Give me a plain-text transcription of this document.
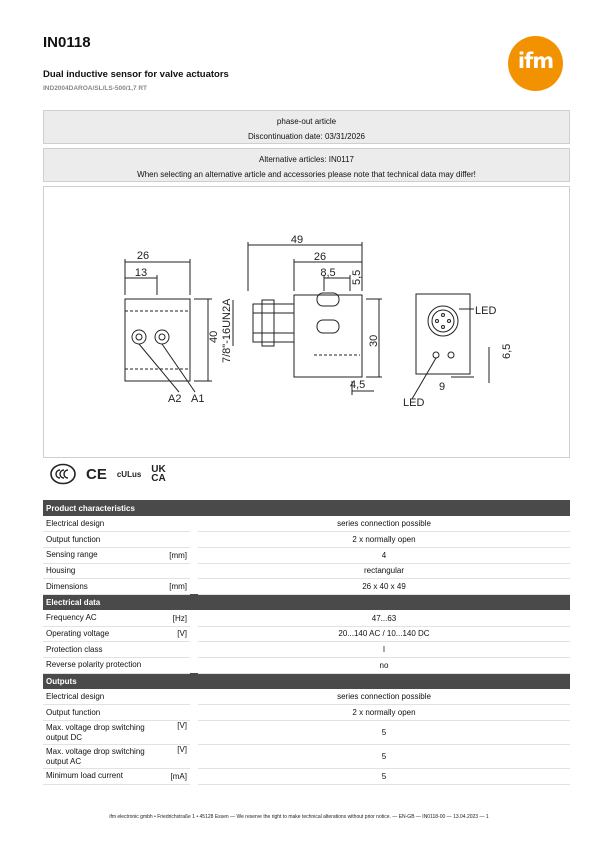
IN0118
Dual inductive sensor for valve actuators
IND2004DAROA/SL/LS-500/1,7 RT
ifm
phase-out article
Discontinuation date: 03/31/2026
Alternative articles: IN0117
When selecting an alternative article and accessories please note that technical data may differ!
26
13
40
A2 A1
49
26
8,5 5,5
30
4,5
7/8"-16UN2A	LED
LED
6,5
9
CE cULus UK
CA
Product characteristics			
Electrical design			series connection possible
Output function			2 x normally open
Sensing range	[mm]		4
Housing			rectangular
Dimensions	[mm]		26 x 40 x 49
Electrical data			
Frequency AC	[Hz]		47...63
Operating voltage	[V]		20...140 AC / 10...140 DC
Protection class			I
Reverse polarity protection			no
Outputs			
Electrical design			series connection possible
Output function			2 x normally open
Max. voltage drop switching output DC	[V]		5
Max. voltage drop switching output AC	[V]		5
Minimum load current	[mA]		5
ifm electronic gmbh • Friedrichstraße 1 • 45128 Essen — We reserve the right to make technical alterations without prior notice. — EN-GB — IN0118-00 — 13.04.2023 — 1
